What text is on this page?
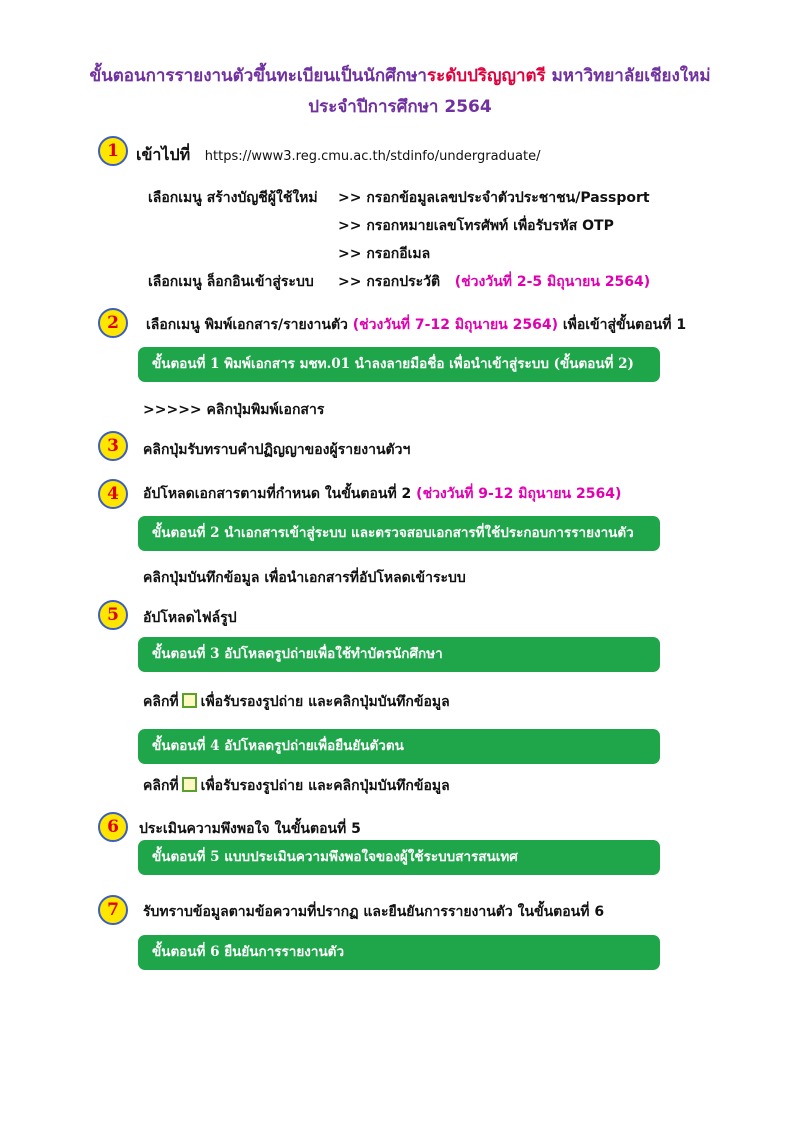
ขั้นตอนการรายงานตัวขึ้นทะเบียนเป็นนักศึกษาระดับปริญญาตรี มหาวิทยาลัยเชียงใหม่
ประจำปีการศึกษา 2564
1	เข้าไปที่ https://www3.reg.cmu.ac.th/stdinfo/undergraduate/
เลือกเมนู สร้างบัญชีผู้ใช้ใหม่ >> กรอกข้อมูลเลขประจำตัวประชาชน/Passport
>> กรอกหมายเลขโทรศัพท์ เพื่อรับรหัส OTP
>> กรอกอีเมล
เลือกเมนู ล็อกอินเข้าสู่ระบบ >> กรอกประวัติ (ช่วงวันที่ 2-5 มิถุนายน 2564)
2	เลือกเมนู พิมพ์เอกสาร/รายงานตัว (ช่วงวันที่ 7-12 มิถุนายน 2564) เพื่อเข้าสู่ขั้นตอนที่ 1
ขั้นตอนที่ 1 พิมพ์เอกสาร มชท.01 นำลงลายมือชื่อ เพื่อนำเข้าสู่ระบบ (ขั้นตอนที่ 2)
>>>>> คลิกปุ่มพิมพ์เอกสาร
3	คลิกปุ่มรับทราบคำปฏิญญาของผู้รายงานตัวฯ
4	อัปโหลดเอกสารตามที่กำหนด ในขั้นตอนที่ 2 (ช่วงวันที่ 9-12 มิถุนายน 2564)
ขั้นตอนที่ 2 นำเอกสารเข้าสู่ระบบ และตรวจสอบเอกสารที่ใช้ประกอบการรายงานตัว
คลิกปุ่มบันทึกข้อมูล เพื่อนำเอกสารที่อัปโหลดเข้าระบบ
5	อัปโหลดไฟล์รูป
ขั้นตอนที่ 3 อัปโหลดรูปถ่ายเพื่อใช้ทำบัตรนักศึกษา
คลิกที่ เพื่อรับรองรูปถ่าย และคลิกปุ่มบันทึกข้อมูล
ขั้นตอนที่ 4 อัปโหลดรูปถ่ายเพื่อยืนยันตัวตน
คลิกที่ เพื่อรับรองรูปถ่าย และคลิกปุ่มบันทึกข้อมูล
6	ประเมินความพึงพอใจ ในขั้นตอนที่ 5
ขั้นตอนที่ 5 แบบประเมินความพึงพอใจของผู้ใช้ระบบสารสนเทศ
7	รับทราบข้อมูลตามข้อความที่ปรากฏ และยืนยันการรายงานตัว ในขั้นตอนที่ 6
ขั้นตอนที่ 6 ยืนยันการรายงานตัว
